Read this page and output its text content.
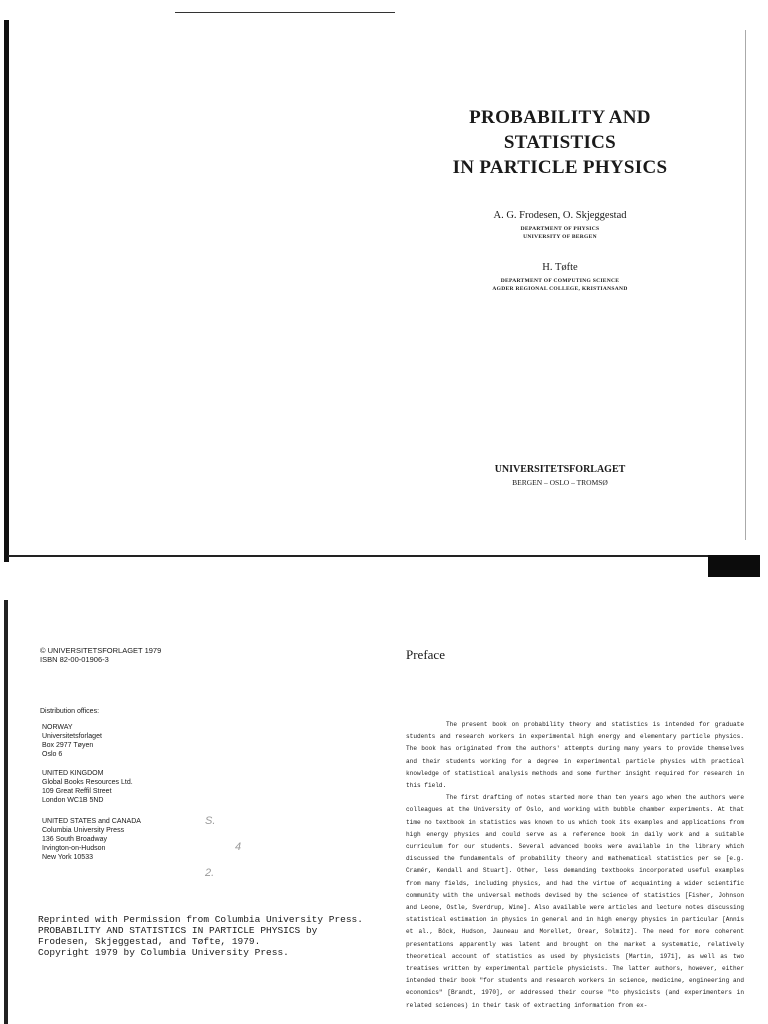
S.
4
2.
PROBABILITY AND
STATISTICS
IN PARTICLE PHYSICS
A. G. Frodesen, O. Skjeggestad
DEPARTMENT OF PHYSICS
UNIVERSITY OF BERGEN
H. Tøfte
DEPARTMENT OF COMPUTING SCIENCE
AGDER REGIONAL COLLEGE, KRISTIANSAND
UNIVERSITETSFORLAGET
BERGEN – OSLO – TROMSØ
© UNIVERSITETSFORLAGET 1979
ISBN 82-00-01906-3
Distribution offices:
NORWAY
Universitetsforlaget
Box 2977 Tøyen
Oslo 6
UNITED KINGDOM
Global Books Resources Ltd.
109 Great Reffil Street
London WC1B 5ND
UNITED STATES and CANADA
Columbia University Press
136 South Broadway
Irvington-on-Hudson
New York 10533
Reprinted with Permission from Columbia University Press.
PROBABILITY AND STATISTICS IN PARTICLE PHYSICS by
Frodesen, Skjeggestad, and Tøfte, 1979.
Copyright 1979 by Columbia University Press.
Preface

The present book on probability theory and statistics is intended for graduate students and research workers in experimental high energy and elementary particle physics. The book has originated from the authors' attempts during many years to provide themselves and their students working for a degree in experimental particle physics with practical knowledge of statistical analysis methods and some further insight required for research in this field.

The first drafting of notes started more than ten years ago when the authors were colleagues at the University of Oslo, and working with bubble chamber experiments. At that time no textbook in statistics was known to us which took its examples and applications from high energy physics and could serve as a reference book in daily work and a suitable curriculum for our students. Several advanced books were available in the library which discussed the fundamentals of probability theory and mathematical statistics per se [e.g. Cramér, Kendall and Stuart]. Other, less demanding textbooks incorporated useful examples from many fields, including physics, and had the virtue of acquainting a wider scientific community with the universal methods devised by the science of statistics [Fisher, Johnson and Leone, Ostle, Sverdrup, Wine]. Also available were articles and lecture notes discussing statistical estimation in physics in general and in high energy physics in particular [Annis et al., Böck, Hudson, Jauneau and Morellet, Orear, Solmitz]. The need for more coherent presentations apparently was latent and brought on the market a systematic, relatively theoretical account of statistics as used by physicists [Martin, 1971], as well as two treatises written by experimental particle physicists. The latter authors, however, either intended their book "for students and research workers in science, medicine, engineering and economics" [Brandt, 1970], or addressed their course "to physicists (and experimenters in related sciences) in their task of extracting information from ex-
